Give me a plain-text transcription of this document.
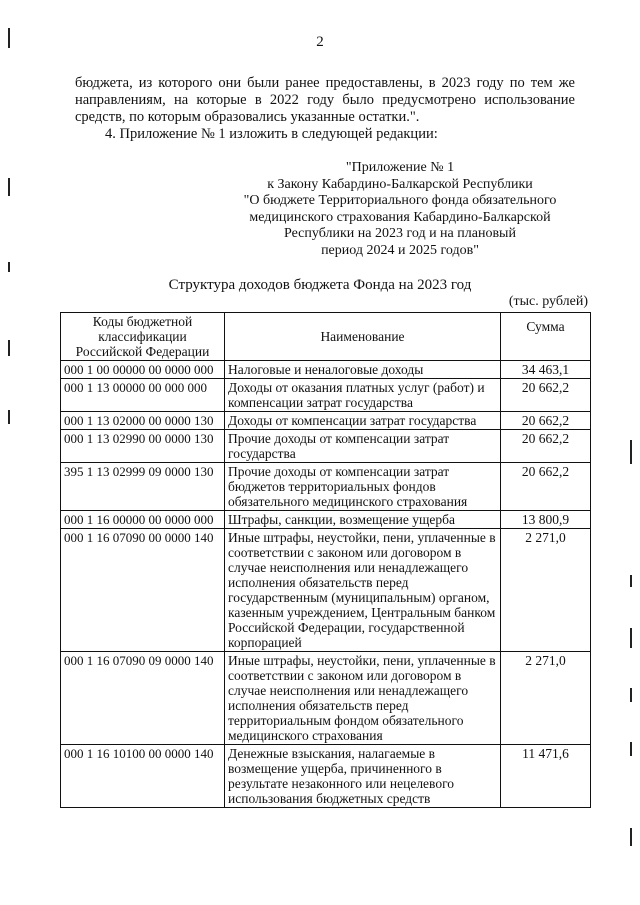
2

бюджета, из которого они были ранее предоставлены, в 2023 году по тем же направлениям, на которые в 2022 году было предусмотрено использование средств, по которым образовались указанные остатки.".

4. Приложение № 1 изложить в следующей редакции:

"Приложение № 1
к Закону Кабардино-Балкарской Республики
"О бюджете Территориального фонда обязательного
медицинского страхования Кабардино-Балкарской
Республики на 2023 год и на плановый
период 2024 и 2025 годов"
Структура доходов бюджета Фонда на 2023 год
(тыс. рублей)
Коды бюджетной классификации Российской Федерации	Наименование	Сумма
000 1 00 00000 00 0000 000	Налоговые и неналоговые доходы	34 463,1
000 1 13 00000 00 000 000	Доходы от оказания платных услуг (работ) и компенсации затрат государства	20 662,2
000 1 13 02000 00 0000 130	Доходы от компенсации затрат государства	20 662,2
000 1 13 02990 00 0000 130	Прочие доходы от компенсации затрат государства	20 662,2
395 1 13 02999 09 0000 130	Прочие доходы от компенсации затрат бюджетов территориальных фондов обязательного медицинского страхования	20 662,2
000 1 16 00000 00 0000 000	Штрафы, санкции, возмещение ущерба	13 800,9
000 1 16 07090 00 0000 140	Иные штрафы, неустойки, пени, уплаченные в соответствии с законом или договором в случае неисполнения или ненадлежащего исполнения обязательств перед государственным (муниципальным) органом, казенным учреждением, Центральным банком Российской Федерации, государственной корпорацией	2 271,0
000 1 16 07090 09 0000 140	Иные штрафы, неустойки, пени, уплаченные в соответствии с законом или договором в случае неисполнения или ненадлежащего исполнения обязательств перед территориальным фондом обязательного медицинского страхования	2 271,0
000 1 16 10100 00 0000 140	Денежные взыскания, налагаемые в возмещение ущерба, причиненного в результате незаконного или нецелевого использования бюджетных средств	11 471,6
